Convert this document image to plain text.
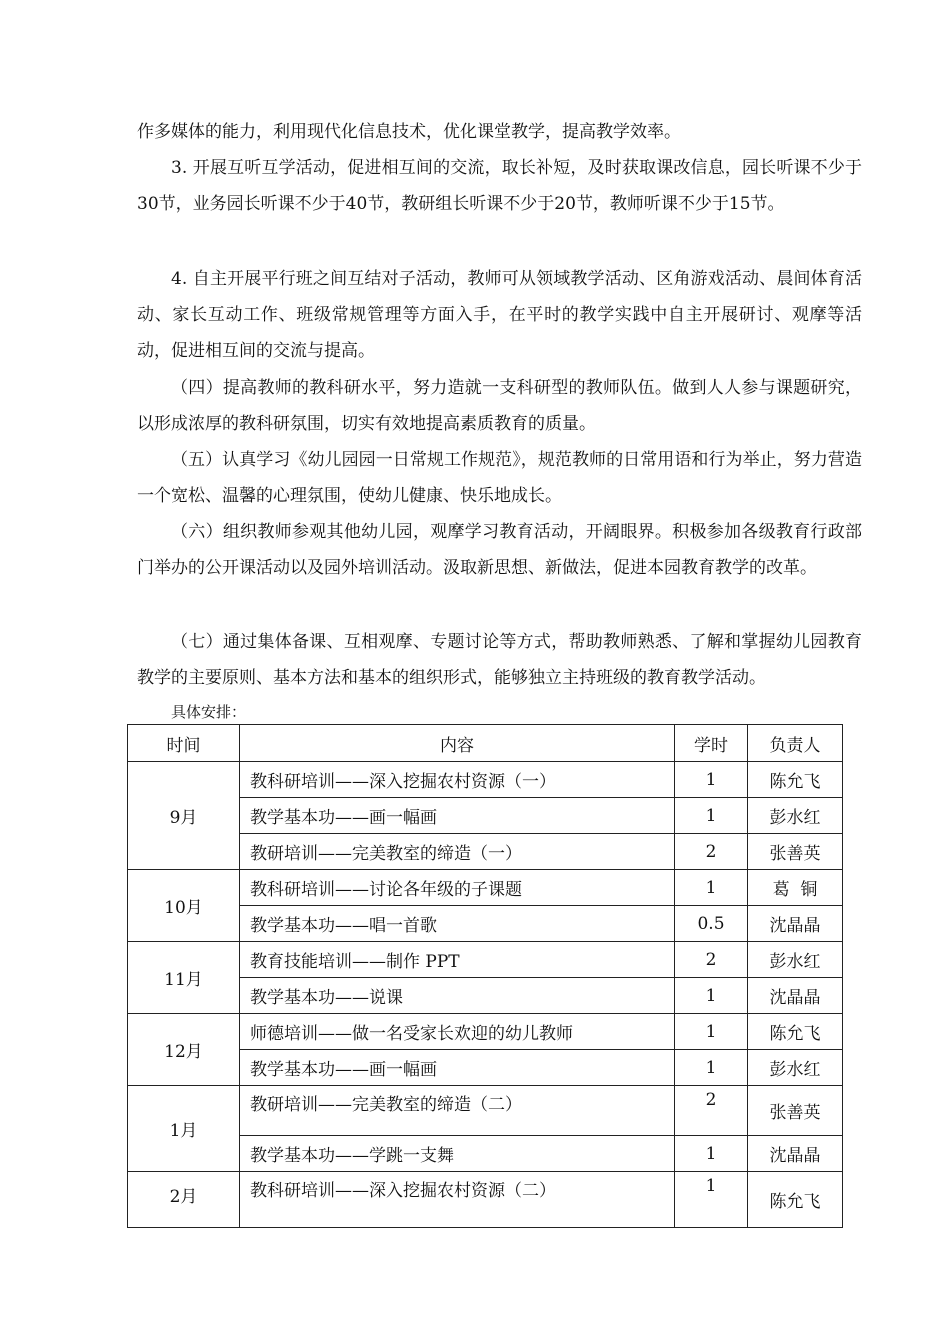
作多媒体的能力，利用现代化信息技术，优化课堂教学，提高教学效率。

3. 开展互听互学活动，促进相互间的交流，取长补短，及时获取课改信息，园长听课不少于30节，业务园长听课不少于40节，教研组长听课不少于20节，教师听课不少于15节。

4. 自主开展平行班之间互结对子活动，教师可从领域教学活动、区角游戏活动、晨间体育活动、家长互动工作、班级常规管理等方面入手，在平时的教学实践中自主开展研讨、观摩等活动，促进相互间的交流与提高。

（四）提高教师的教科研水平，努力造就一支科研型的教师队伍。做到人人参与课题研究，以形成浓厚的教科研氛围，切实有效地提高素质教育的质量。

（五）认真学习《幼儿园园一日常规工作规范》，规范教师的日常用语和行为举止，努力营造一个宽松、温馨的心理氛围，使幼儿健康、快乐地成长。

（六）组织教师参观其他幼儿园，观摩学习教育活动，开阔眼界。积极参加各级教育行政部门举办的公开课活动以及园外培训活动。汲取新思想、新做法，促进本园教育教学的改革。

（七）通过集体备课、互相观摩、专题讨论等方式，帮助教师熟悉、了解和掌握幼儿园教育教学的主要原则、基本方法和基本的组织形式，能够独立主持班级的教育教学活动。

具体安排：
时间	内容	学时	负责人
9月	教科研培训——深入挖掘农村资源（一）	1	陈允飞
	教学基本功——画一幅画	1	彭水红
	教研培训——完美教室的缔造（一）	2	张善英
10月	教科研培训——讨论各年级的子课题	1	葛  铜
	教学基本功——唱一首歌	0.5	沈晶晶
11月	教育技能培训——制作 PPT	2	彭水红
	教学基本功——说课	1	沈晶晶
12月	师德培训——做一名受家长欢迎的幼儿教师	1	陈允飞
	教学基本功——画一幅画	1	彭水红
1月	教研培训——完美教室的缔造（二）	2	张善英
	教学基本功——学跳一支舞	1	沈晶晶
2月	教科研培训——深入挖掘农村资源（二）	1	陈允飞
